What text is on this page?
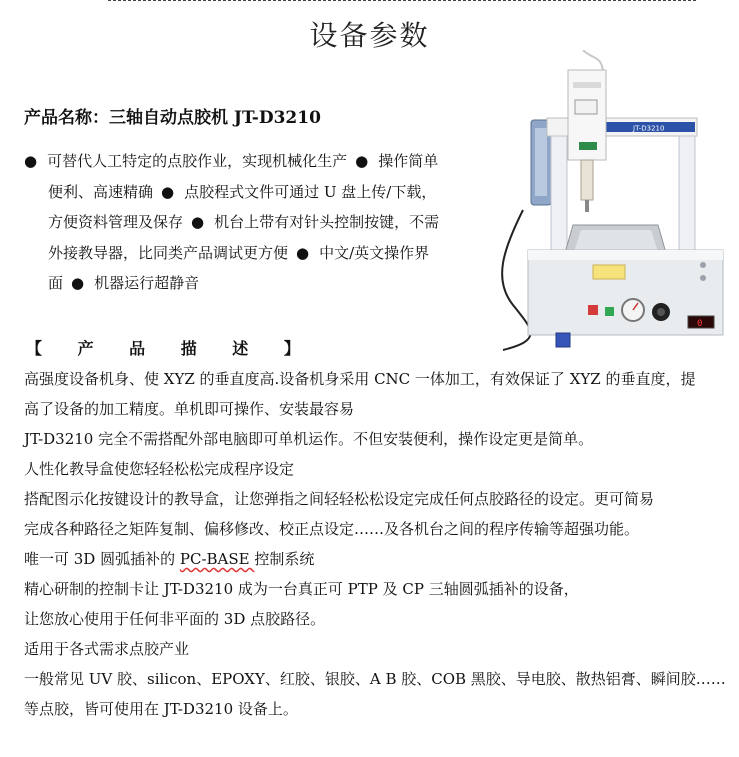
设备参数
产品名称：三轴自动点胶机 JT-D3210
● 可替代人工特定的点胶作业，实现机械化生产 ● 操作简单
便利、高速精确 ● 点胶程式文件可通过 U 盘上传/下载，
方便资料管理及保存 ● 机台上带有对针头控制按键，不需
外接教导器，比同类产品调试更方便 ● 中文/英文操作界
面 ● 机器运行超静音
【 产 品 描 述 】
高强度设备机身、使 XYZ 的垂直度高.设备机身采用 CNC 一体加工，有效保证了 XYZ 的垂直度，提
高了设备的加工精度。单机即可操作、安装最容易
JT-D3210 完全不需搭配外部电脑即可单机运作。不但安装便利，操作设定更是简单。
人性化教导盒使您轻轻松松完成程序设定
搭配图示化按键设计的教导盒，让您弹指之间轻轻松松设定完成任何点胶路径的设定。更可简易
完成各种路径之矩阵复制、偏移修改、校正点设定……及各机台之间的程序传输等超强功能。
唯一可 3D 圆弧插补的 PC-BASE 控制系统
精心研制的控制卡让 JT-D3210 成为一台真正可 PTP 及 CP 三轴圆弧插补的设备，
让您放心使用于任何非平面的 3D 点胶路径。
适用于各式需求点胶产业
一般常见 UV 胶、silicon、EPOXY、红胶、银胶、A B 胶、COB 黑胶、导电胶、散热铝膏、瞬间胶……
等点胶，皆可使用在 JT-D3210 设备上。
JT-D3210
0
